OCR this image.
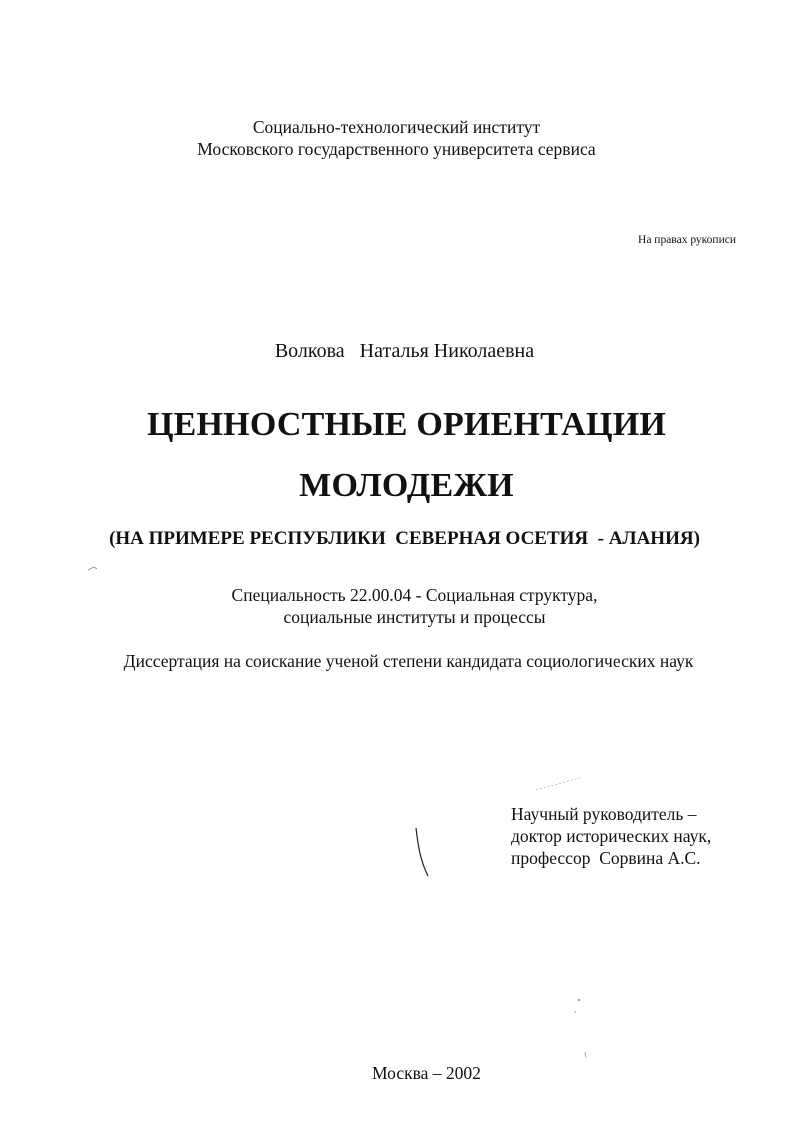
Социально-технологический институт
Московского государственного университета сервиса
На правах рукописи
Волкова   Наталья Николаевна
ЦЕННОСТНЫЕ ОРИЕНТАЦИИ
МОЛОДЕЖИ
(НА ПРИМЕРЕ РЕСПУБЛИКИ  СЕВЕРНАЯ ОСЕТИЯ  - АЛАНИЯ)
Специальность 22.00.04 - Социальная структура,
социальные институты и процессы
Диссертация на соискание ученой степени кандидата социологических наук
Научный руководитель –
доктор исторических наук,
профессор  Сорвина А.С.
Москва – 2002
